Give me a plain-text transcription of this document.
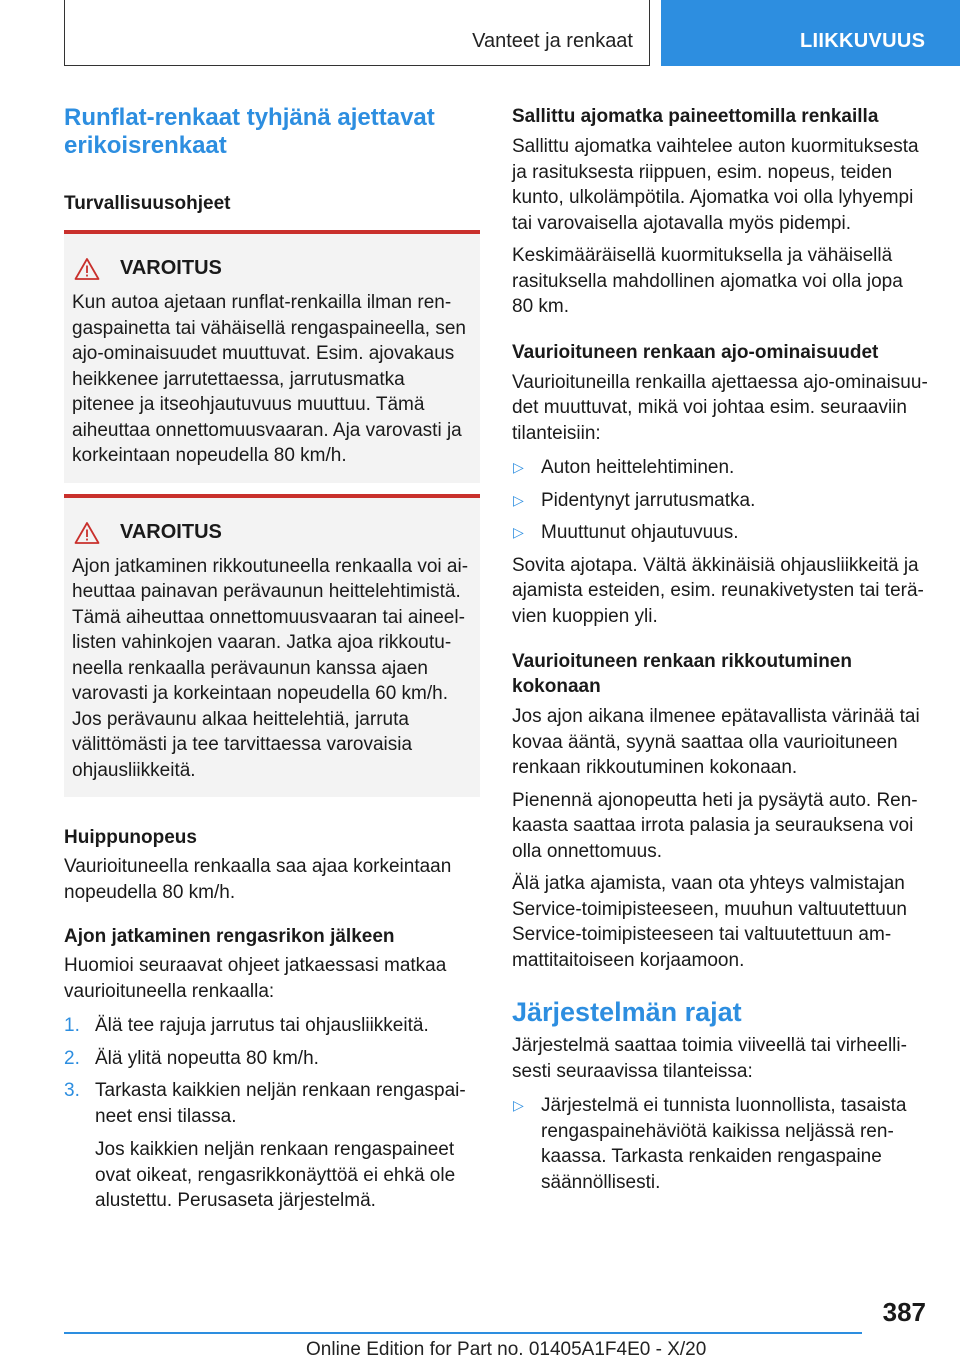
Vanteet ja renkaat	LIIKKUVUUS
Runflat-renkaat tyhjänä ajettavat erikoisrenkaat
Turvallisuusohjeet
VAROITUS

Kun autoa ajetaan runflat-renkailla ilman rengaspainetta tai vähäisellä rengaspaineella, sen ajo-ominaisuudet muuttuvat. Esim. ajovakaus heikkenee jarrutettaessa, jarrutusmatka pitenee ja itseohjautuvuus muuttuu. Tämä aiheuttaa onnettomuusvaaran. Aja varovasti ja korkeintaan nopeudella 80 km/h.

VAROITUS

Ajon jatkaminen rikkoutuneella renkaalla voi aiheuttaa painavan perävaunun heittelehtimistä. Tämä aiheuttaa onnettomuusvaaran tai aineellisten vahinkojen vaaran. Jatka ajoa rikkoutuneella renkaalla perävaunun kanssa ajaen varovasti ja korkeintaan nopeudella 60 km/h. Jos perävaunu alkaa heittelehtiä, jarruta välittömästi ja tee tarvittaessa varovaisia ohjausliikkeitä.

Huippunopeus

Vaurioituneella renkaalla saa ajaa korkeintaan nopeudella 80 km/h.

Ajon jatkaminen rengasrikon jälkeen

Huomioi seuraavat ohjeet jatkaessasi matkaa vaurioituneella renkaalla:

1. Älä tee rajuja jarrutus tai ohjausliikkeitä.
2. Älä ylitä nopeutta 80 km/h.
3. Tarkasta kaikkien neljän renkaan rengaspaineet ensi tilassa.

Jos kaikkien neljän renkaan rengaspaineet ovat oikeat, rengasrikkonäyttöä ei ehkä ole alustettu. Perusaseta järjestelmä.

Sallittu ajomatka paineettomilla renkailla

Sallittu ajomatka vaihtelee auton kuormituksesta ja rasituksesta riippuen, esim. nopeus, teiden kunto, ulkolämpötila. Ajomatka voi olla lyhyempi tai varovaisella ajotavalla myös pidempi.

Keskimääräisellä kuormituksella ja vähäisellä rasituksella mahdollinen ajomatka voi olla jopa 80 km.

Vaurioituneen renkaan ajo-ominaisuudet

Vaurioituneilla renkailla ajettaessa ajo-ominaisuudet muuttuvat, mikä voi johtaa esim. seuraaviin tilanteisiin:

▷ Auton heittelehtiminen.
▷ Pidentynyt jarrutusmatka.
▷ Muuttunut ohjautuvuus.

Sovita ajotapa. Vältä äkkinäisiä ohjausliikkeitä ja ajamista esteiden, esim. reunakivetysten tai terävien kuoppien yli.

Vaurioituneen renkaan rikkoutuminen kokonaan

Jos ajon aikana ilmenee epätavallista värinää tai kovaa ääntä, syynä saattaa olla vaurioituneen renkaan rikkoutuminen kokonaan.

Pienennä ajonopeutta heti ja pysäytä auto. Renkaasta saattaa irrota palasia ja seurauksena voi olla onnettomuus.

Älä jatka ajamista, vaan ota yhteys valmistajan Service-toimipisteeseen, muuhun valtuutettuun Service-toimipisteeseen tai valtuutettuun ammattitaitoiseen korjaamoon.

Järjestelmän rajat

Järjestelmä saattaa toimia viiveellä tai virheellisesti seuraavissa tilanteissa:

▷ Järjestelmä ei tunnista luonnollista, tasaista rengaspainehäviötä kaikissa neljässä renkaassa. Tarkasta renkaiden rengaspaine säännöllisesti.
387
Online Edition for Part no. 01405A1F4E0 - X/20
